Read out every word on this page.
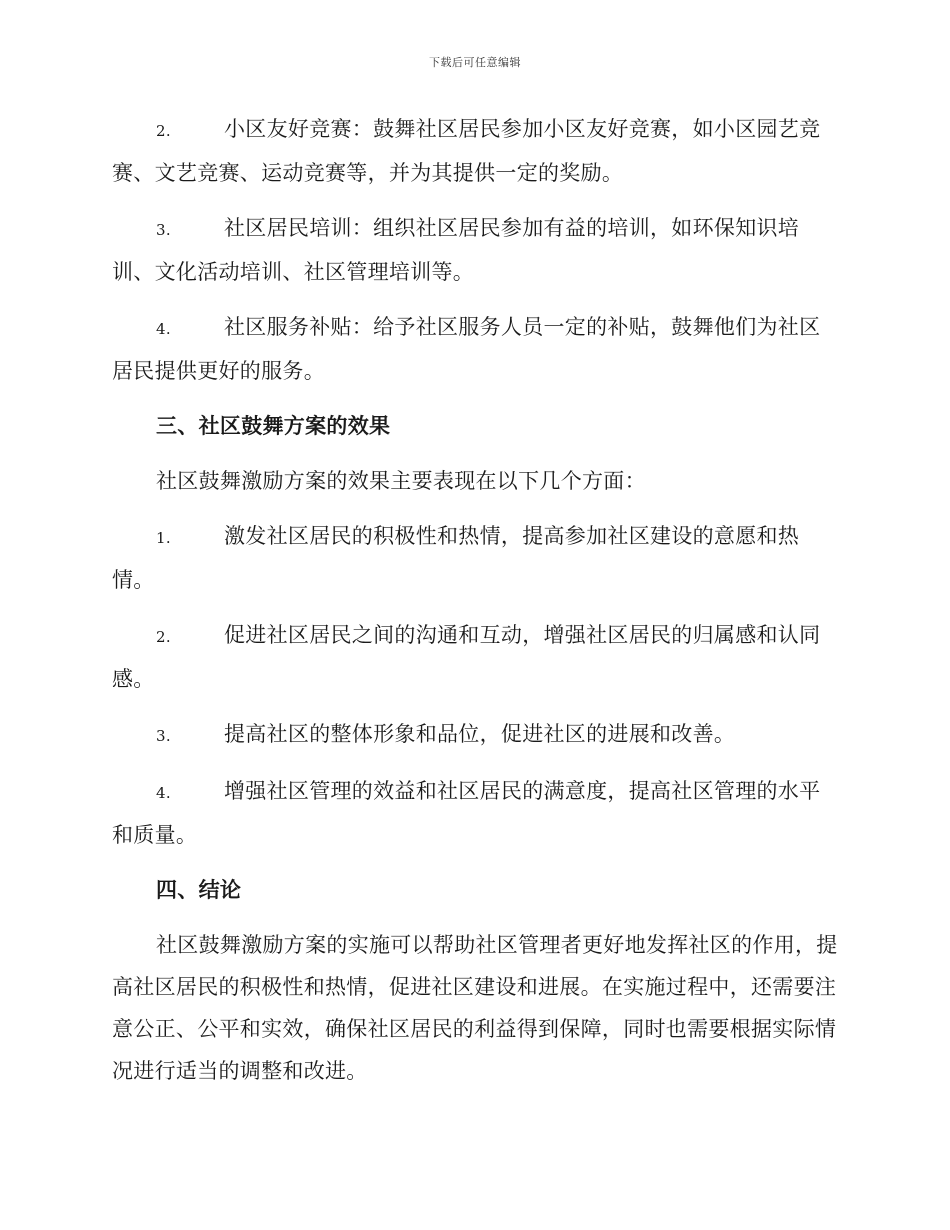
下载后可任意编辑

2.	小区友好竞赛：鼓舞社区居民参加小区友好竞赛，如小区园艺竞赛、文艺竞赛、运动竞赛等，并为其提供一定的奖励。

3.	社区居民培训：组织社区居民参加有益的培训，如环保知识培训、文化活动培训、社区管理培训等。

4.	社区服务补贴：给予社区服务人员一定的补贴，鼓舞他们为社区居民提供更好的服务。

三、社区鼓舞方案的效果

社区鼓舞激励方案的效果主要表现在以下几个方面：

1.	激发社区居民的积极性和热情，提高参加社区建设的意愿和热情。

2.	促进社区居民之间的沟通和互动，增强社区居民的归属感和认同感。

3.	提高社区的整体形象和品位，促进社区的进展和改善。

4.	增强社区管理的效益和社区居民的满意度，提高社区管理的水平和质量。

四、结论

社区鼓舞激励方案的实施可以帮助社区管理者更好地发挥社区的作用，提高社区居民的积极性和热情，促进社区建设和进展。在实施过程中，还需要注意公正、公平和实效，确保社区居民的利益得到保障，同时也需要根据实际情况进行适当的调整和改进。
